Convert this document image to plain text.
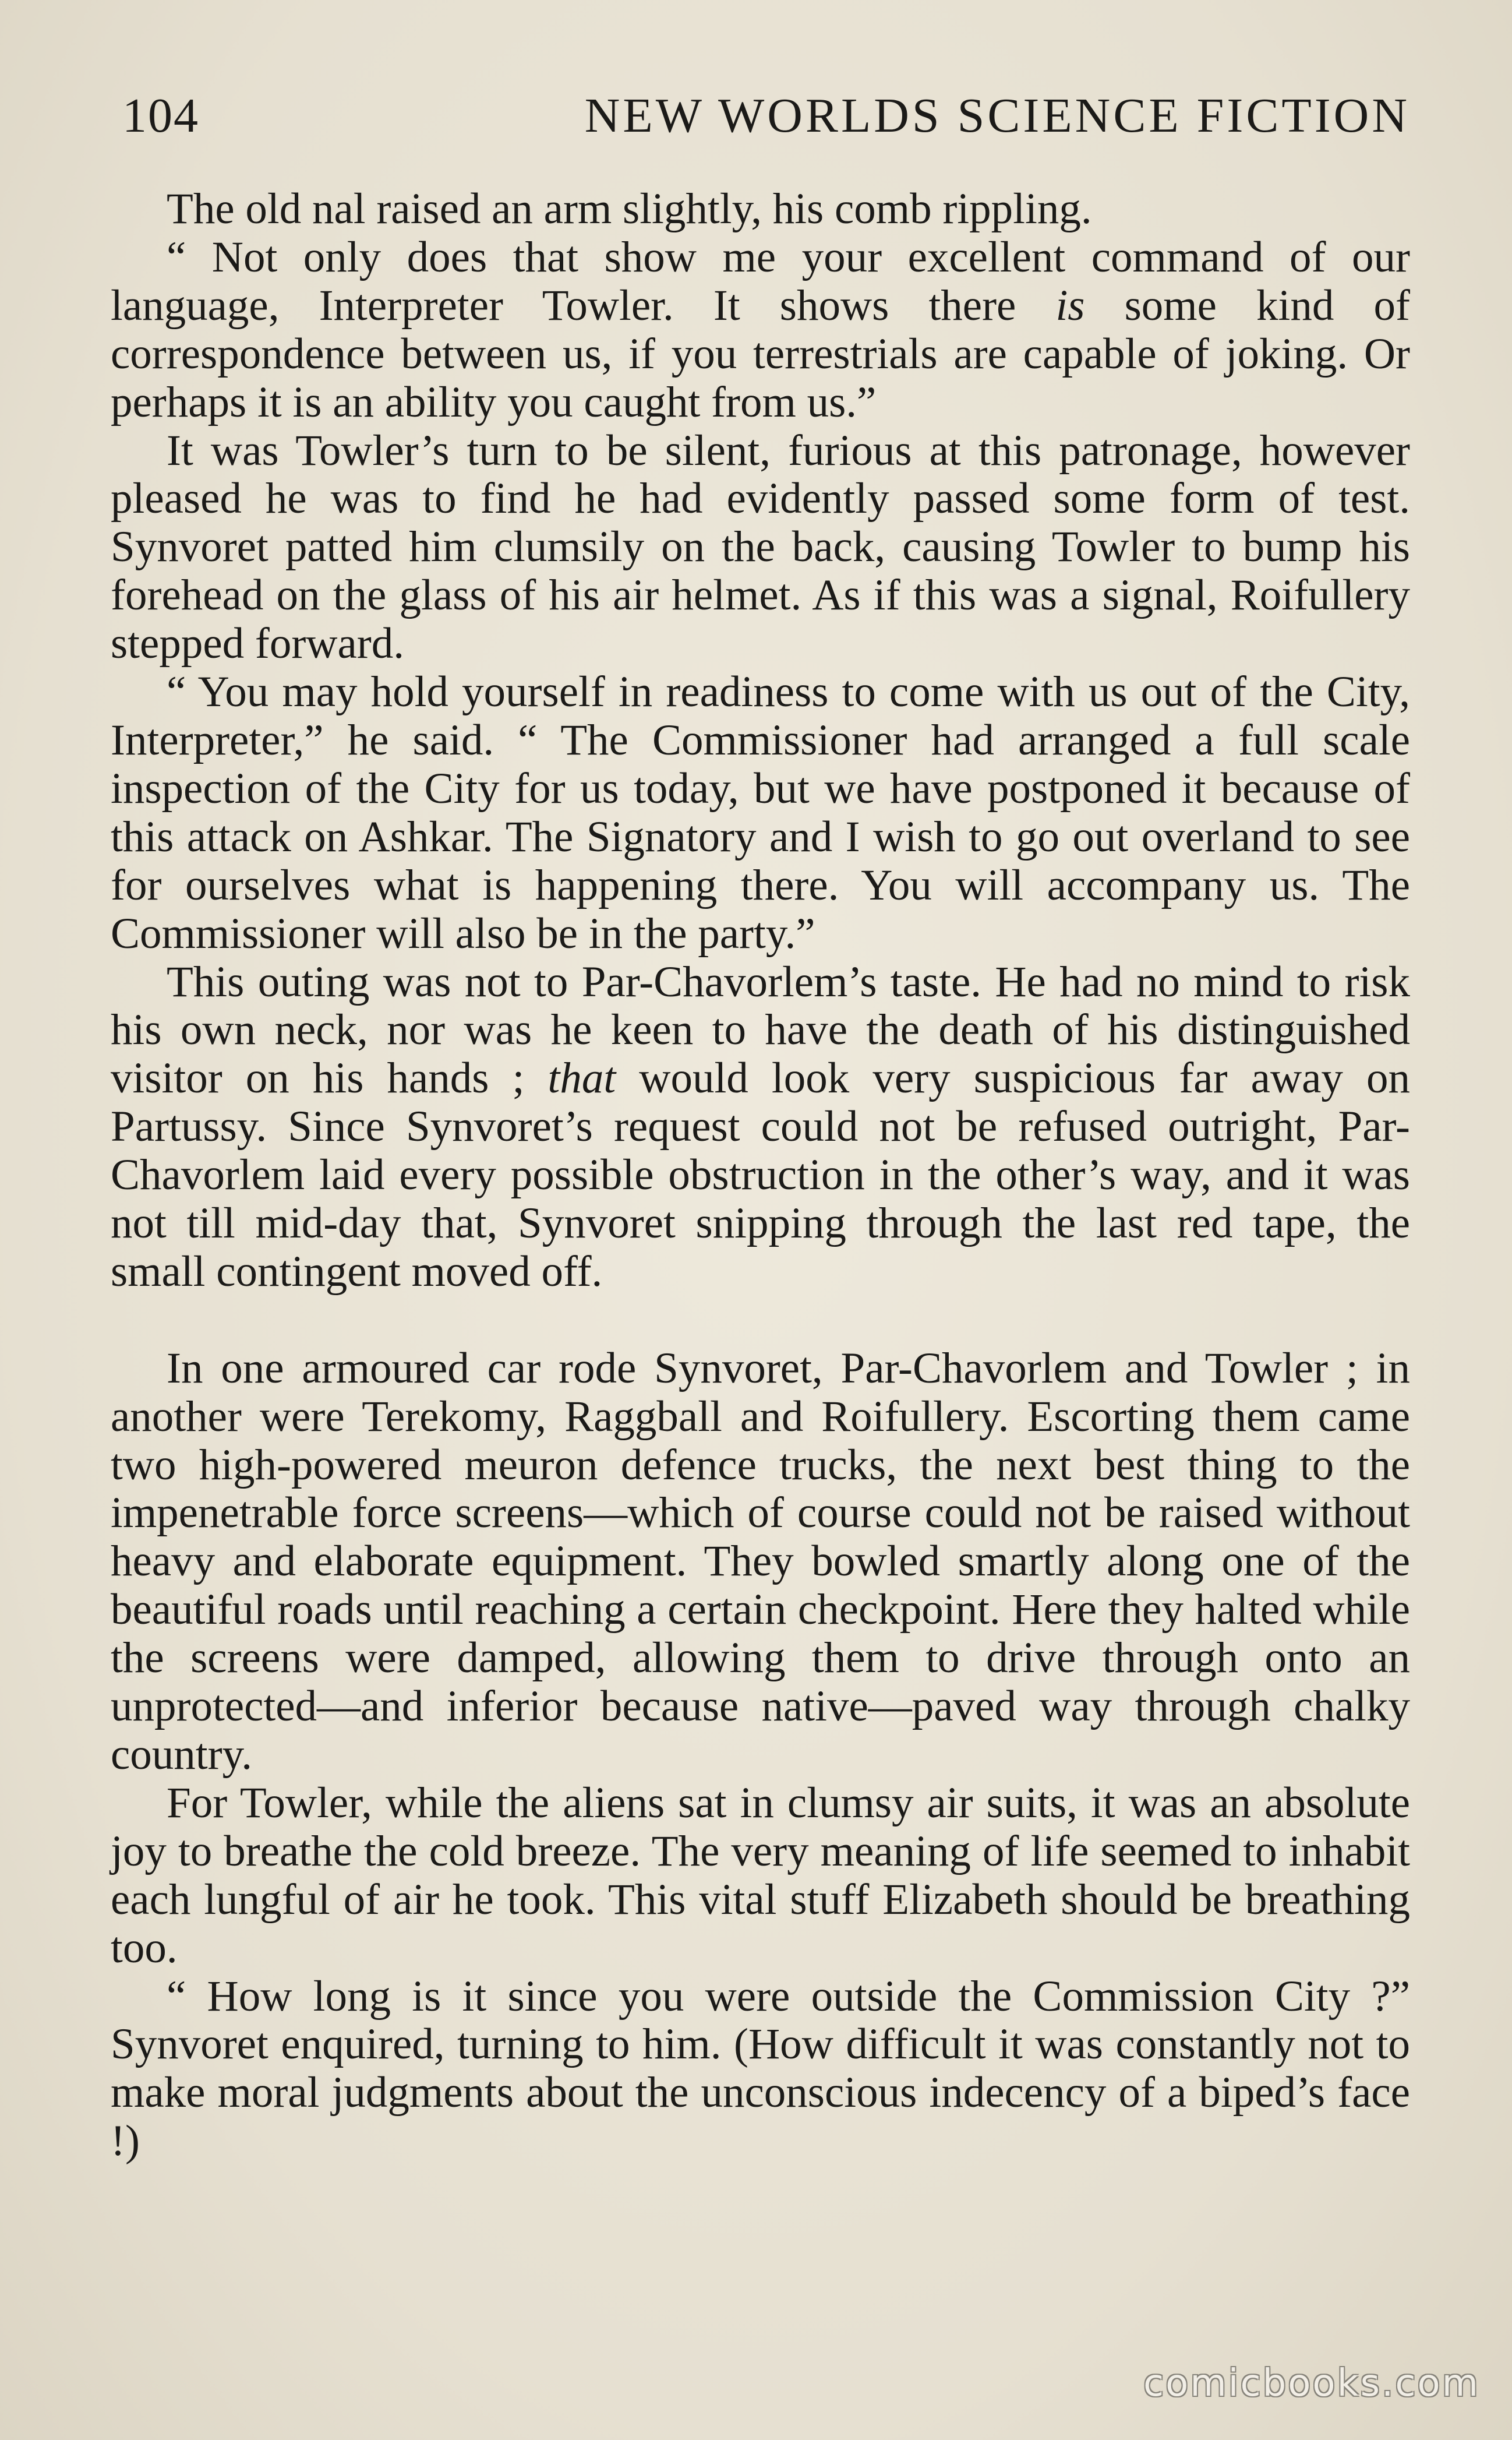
104	NEW WORLDS SCIENCE FICTION

The old nal raised an arm slightly, his comb rippling.

“ Not only does that show me your excellent command of our language, Interpreter Towler. It shows there is some kind of correspondence between us, if you terrestrials are capable of joking. Or perhaps it is an ability you caught from us.”

It was Towler’s turn to be silent, furious at this patronage, however pleased he was to find he had evidently passed some form of test. Synvoret patted him clumsily on the back, causing Towler to bump his forehead on the glass of his air helmet. As if this was a signal, Roifullery stepped forward.

“ You may hold yourself in readiness to come with us out of the City, Interpreter,” he said. “ The Commissioner had arranged a full scale inspection of the City for us today, but we have postponed it because of this attack on Ashkar. The Signatory and I wish to go out overland to see for ourselves what is happening there. You will accompany us. The Commissioner will also be in the party.”

This outing was not to Par-Chavorlem’s taste. He had no mind to risk his own neck, nor was he keen to have the death of his distinguished visitor on his hands ; that would look very suspicious far away on Partussy. Since Synvoret’s request could not be refused outright, Par-Chavorlem laid every possible obstruction in the other’s way, and it was not till mid-day that, Synvoret snipping through the last red tape, the small contingent moved off.

In one armoured car rode Synvoret, Par-Chavorlem and Towler ; in another were Terekomy, Raggball and Roifullery. Escorting them came two high-powered meuron defence trucks, the next best thing to the impenetrable force screens—which of course could not be raised without heavy and elaborate equipment. They bowled smartly along one of the beautiful roads until reaching a certain checkpoint. Here they halted while the screens were damped, allowing them to drive through onto an unprotected—and inferior because native—paved way through chalky country.

For Towler, while the aliens sat in clumsy air suits, it was an absolute joy to breathe the cold breeze. The very meaning of life seemed to inhabit each lungful of air he took. This vital stuff Elizabeth should be breathing too.

“ How long is it since you were outside the Commission City ?” Synvoret enquired, turning to him. (How difficult it was constantly not to make moral judgments about the unconscious indecency of a biped’s face !)

comicbooks.com
